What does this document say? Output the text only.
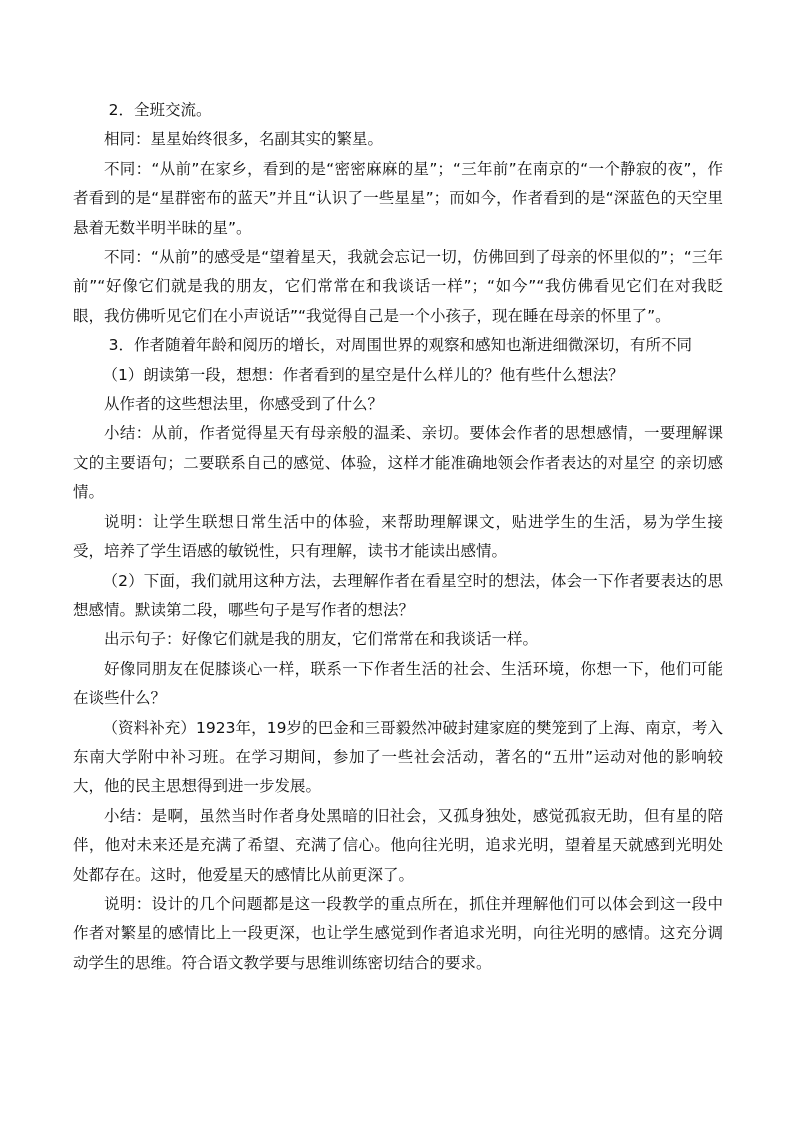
2．全班交流。

相同：星星始终很多，名副其实的繁星。

不同：“从前”在家乡，看到的是“密密麻麻的星”；“三年前”在南京的“一个静寂的夜”，作者看到的是“星群密布的蓝天”并且“认识了一些星星”；而如今，作者看到的是“深蓝色的天空里悬着无数半明半昧的星”。

不同：“从前”的感受是“望着星天，我就会忘记一切，仿佛回到了母亲的怀里似的”；“三年前”“好像它们就是我的朋友，它们常常在和我谈话一样”；“如今”“我仿佛看见它们在对我眨眼，我仿佛听见它们在小声说话”“我觉得自己是一个小孩子，现在睡在母亲的怀里了”。

3．作者随着年龄和阅历的增长，对周围世界的观察和感知也渐进细微深切，有所不同

（1）朗读第一段，想想：作者看到的星空是什么样儿的？他有些什么想法？

从作者的这些想法里，你感受到了什么？

小结：从前，作者觉得星天有母亲般的温柔、亲切。要体会作者的思想感情，一要理解课文的主要语句；二要联系自己的感觉、体验，这样才能准确地领会作者表达的对星空 的亲切感情。

说明：让学生联想日常生活中的体验，来帮助理解课文，贴进学生的生活，易为学生接受，培养了学生语感的敏锐性，只有理解，读书才能读出感情。

（2）下面，我们就用这种方法，去理解作者在看星空时的想法，体会一下作者要表达的思想感情。默读第二段，哪些句子是写作者的想法？

出示句子：好像它们就是我的朋友，它们常常在和我谈话一样。

好像同朋友在促膝谈心一样，联系一下作者生活的社会、生活环境，你想一下，他们可能在谈些什么？

（资料补充）1923年，19岁的巴金和三哥毅然冲破封建家庭的樊笼到了上海、南京，考入东南大学附中补习班。在学习期间，参加了一些社会活动，著名的“五卅”运动对他的影响较大，他的民主思想得到进一步发展。

小结：是啊，虽然当时作者身处黑暗的旧社会，又孤身独处，感觉孤寂无助，但有星的陪伴，他对未来还是充满了希望、充满了信心。他向往光明，追求光明，望着星天就感到光明处处都存在。这时，他爱星天的感情比从前更深了。

说明：设计的几个问题都是这一段教学的重点所在，抓住并理解他们可以体会到这一段中作者对繁星的感情比上一段更深，也让学生感觉到作者追求光明，向往光明的感情。这充分调动学生的思维。符合语文教学要与思维训练密切结合的要求。
